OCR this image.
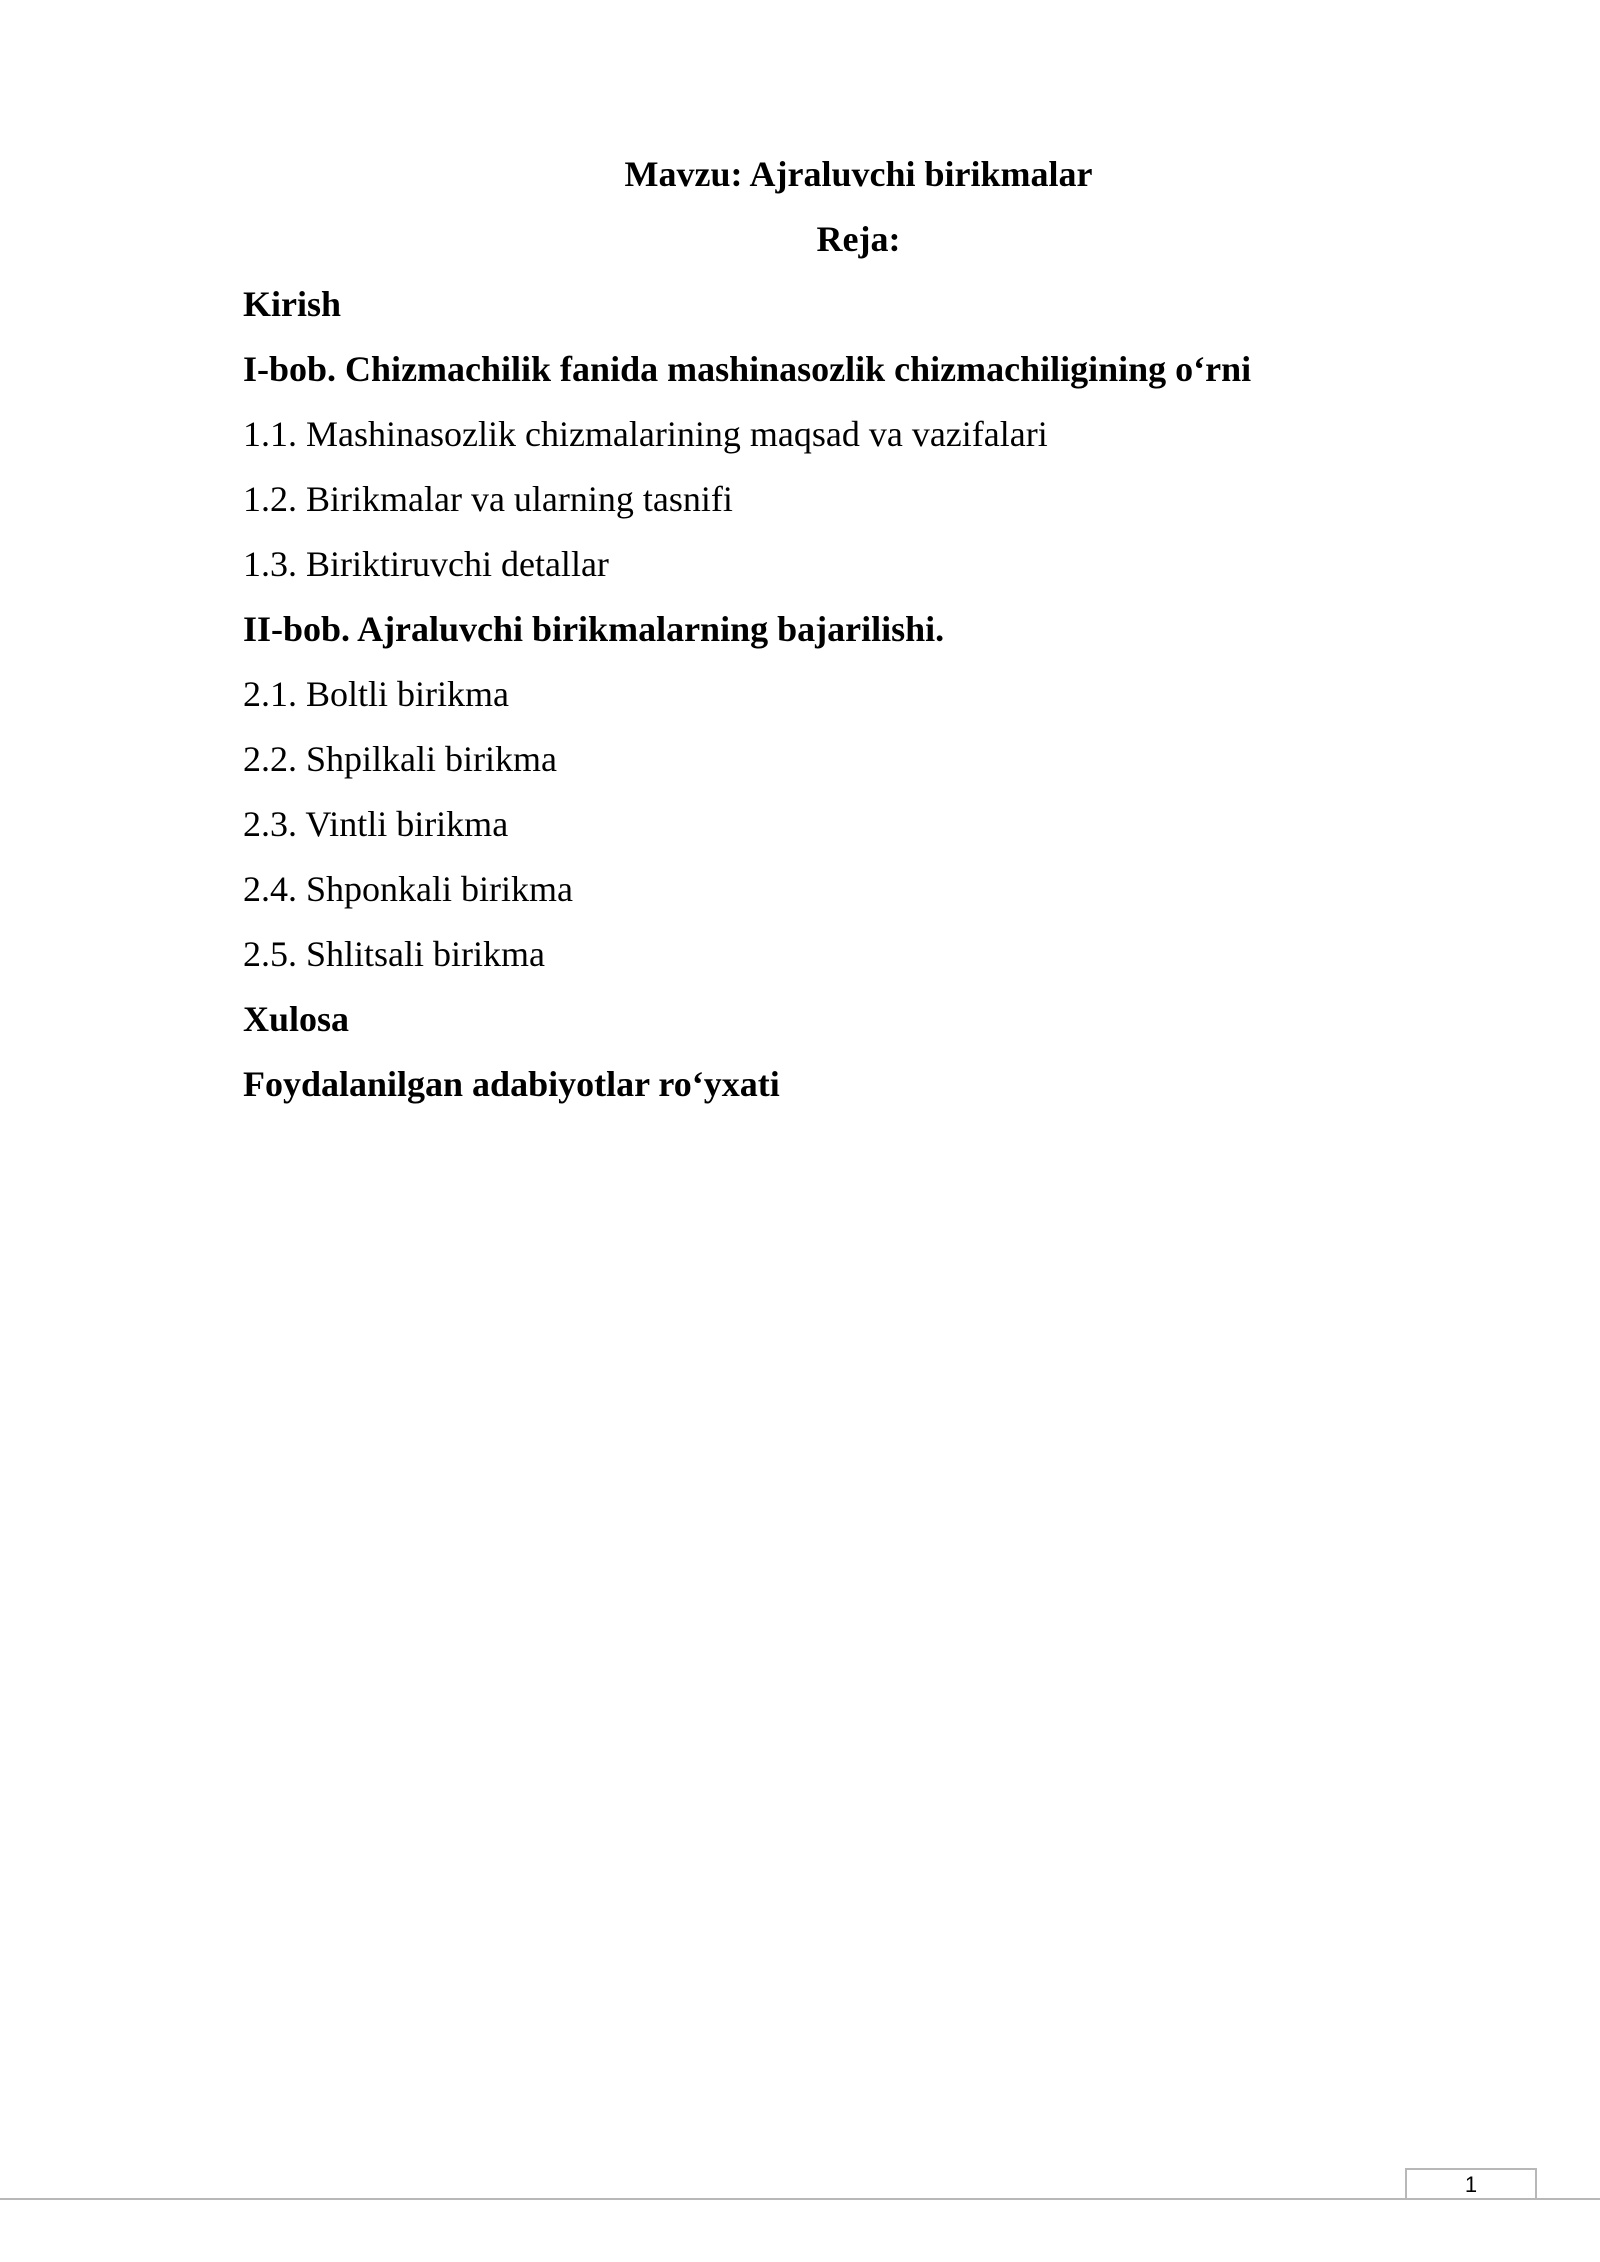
Mavzu: Ajraluvchi birikmalar
Reja:
Kirish
I-bob. Chizmachilik fanida mashinasozlik chizmachiligining o‘rni
1.1. Mashinasozlik chizmalarining maqsad va vazifalari
1.2. Birikmalar va ularning tasnifi
1.3. Biriktiruvchi detallar
II-bob. Ajraluvchi birikmalarning bajarilishi.
2.1. Boltli birikma
2.2. Shpilkali birikma
2.3. Vintli birikma
2.4. Shponkali birikma
2.5. Shlitsali birikma
Xulosa
Foydalanilgan adabiyotlar ro‘yxati
1
